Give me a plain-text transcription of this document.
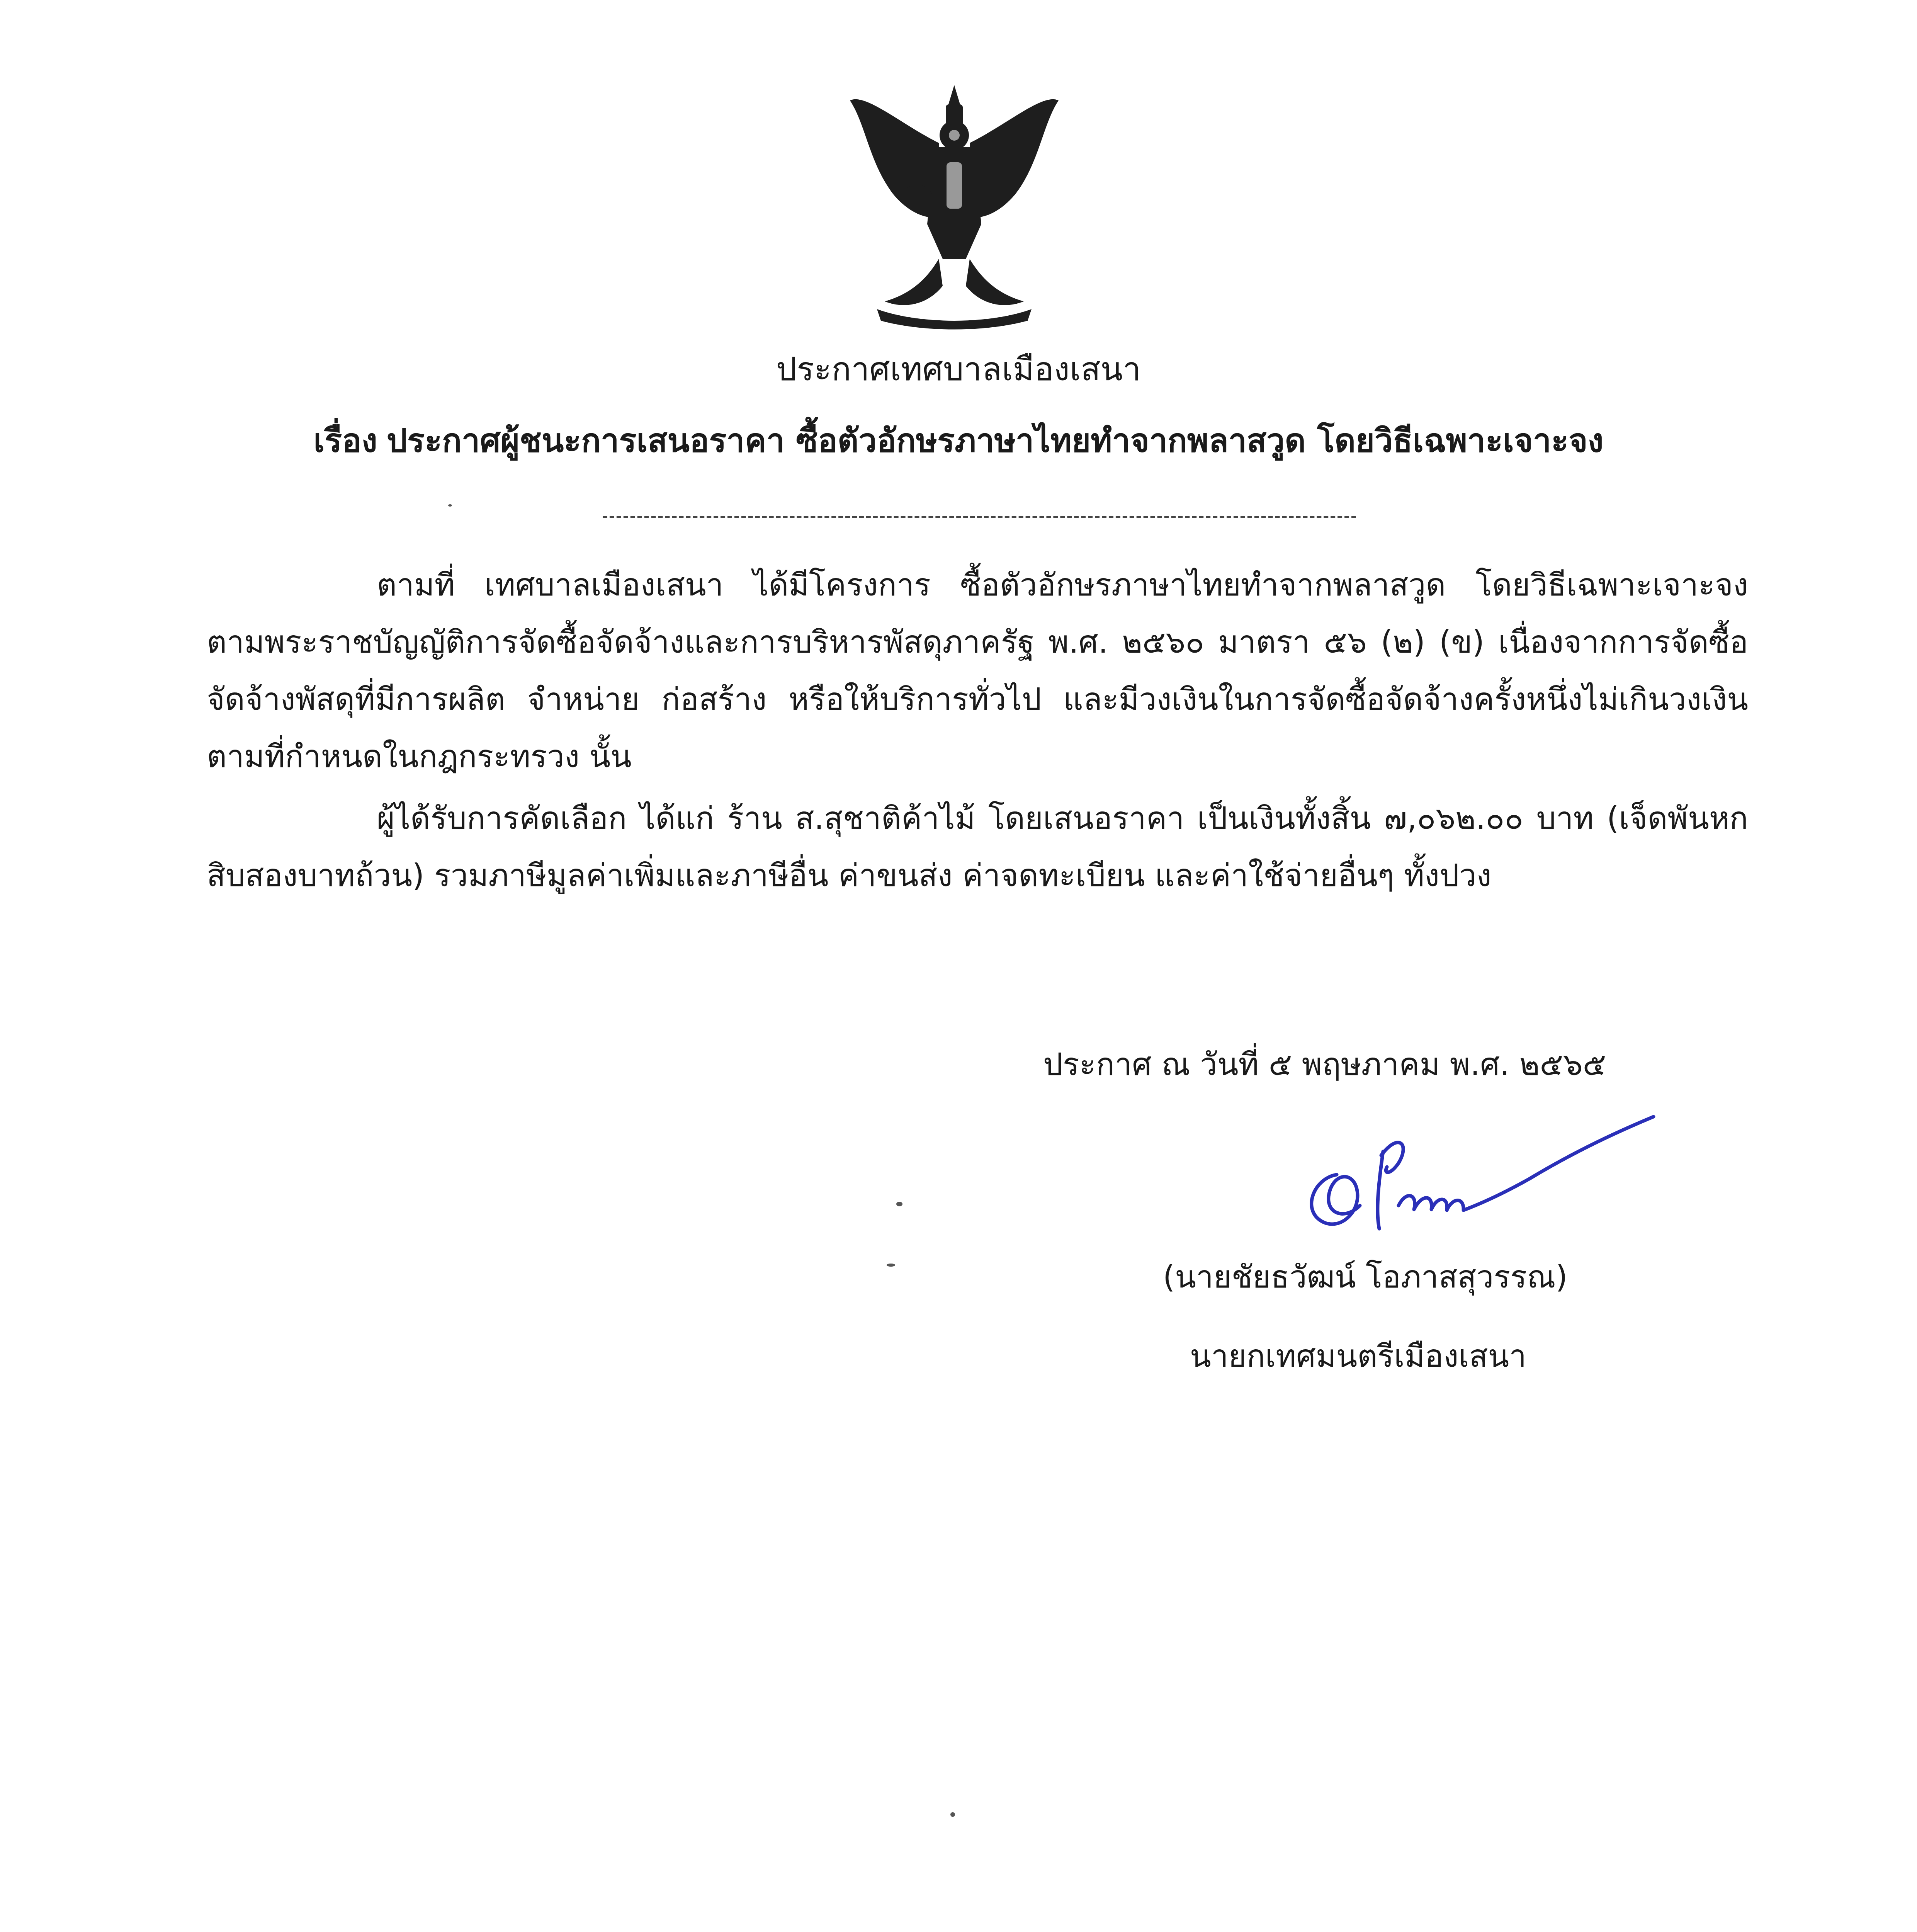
ประกาศเทศบาลเมืองเสนา
เรื่อง ประกาศผู้ชนะการเสนอราคา ซื้อตัวอักษรภาษาไทยทำจากพลาสวูด โดยวิธีเฉพาะเจาะจง

ตามที่ เทศบาลเมืองเสนา ได้มีโครงการ ซื้อตัวอักษรภาษาไทยทำจากพลาสวูด โดยวิธีเฉพาะเจาะจง ตามพระราชบัญญัติการจัดซื้อจัดจ้างและการบริหารพัสดุภาครัฐ พ.ศ. ๒๕๖๐ มาตรา ๕๖ (๒) (ข) เนื่องจากการจัดซื้อจัดจ้างพัสดุที่มีการผลิต จำหน่าย ก่อสร้าง หรือให้บริการทั่วไป และมีวงเงินในการจัดซื้อจัดจ้างครั้งหนึ่งไม่เกินวงเงินตามที่กำหนดในกฎกระทรวง นั้น

ผู้ได้รับการคัดเลือก ได้แก่ ร้าน ส.สุชาติค้าไม้ โดยเสนอราคา เป็นเงินทั้งสิ้น ๗,๐๖๒.๐๐ บาท (เจ็ดพันหกสิบสองบาทถ้วน) รวมภาษีมูลค่าเพิ่มและภาษีอื่น ค่าขนส่ง ค่าจดทะเบียน และค่าใช้จ่ายอื่นๆ ทั้งปวง

ประกาศ ณ วันที่ ๕ พฤษภาคม พ.ศ. ๒๕๖๕
(นายชัยธวัฒน์ โอภาสสุวรรณ)
นายกเทศมนตรีเมืองเสนา
